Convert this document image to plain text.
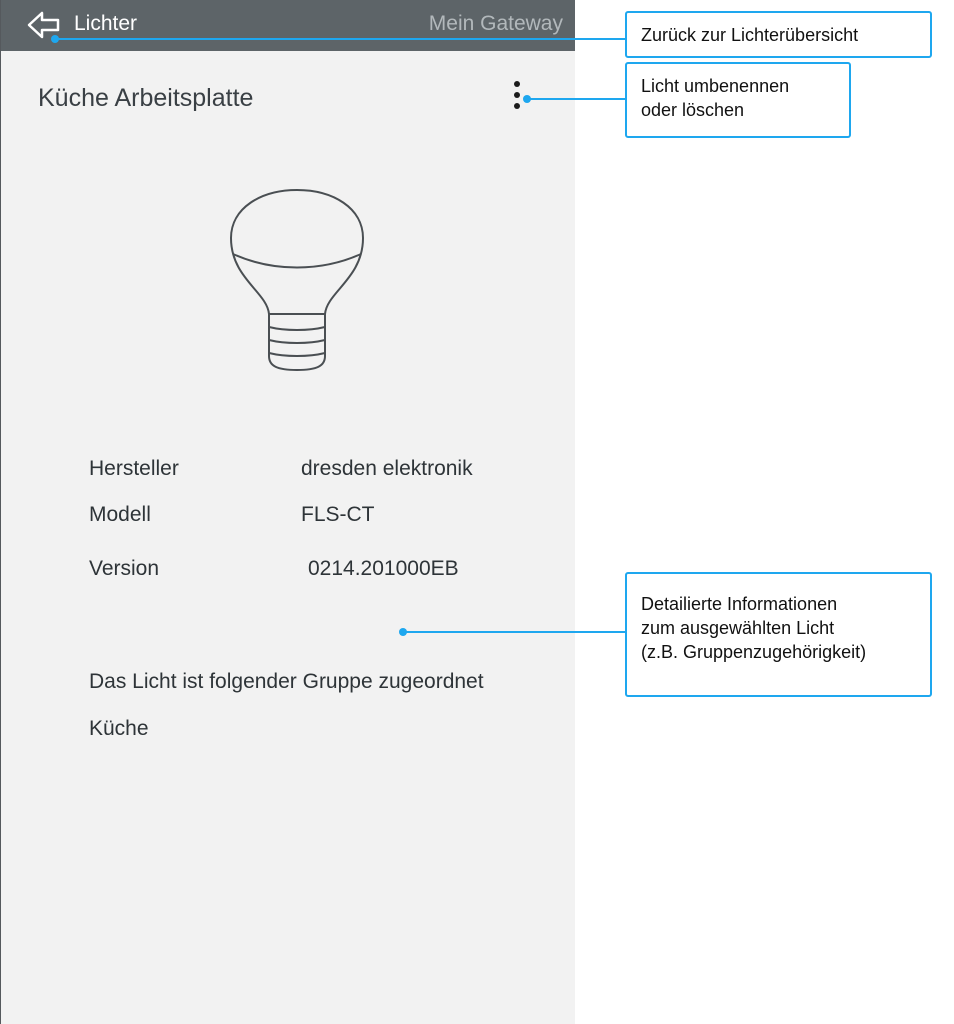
Lichter	Mein Gateway
Küche Arbeitsplatte
Hersteller	dresden elektronik
Modell	FLS-CT
Version	0214.201000EB
Das Licht ist folgender Gruppe zugeordnet
Küche
Zurück zur Lichterübersicht
Licht umbenennen
oder löschen
Detailierte Informationen
zum ausgewählten Licht
(z.B. Gruppenzugehörigkeit)
